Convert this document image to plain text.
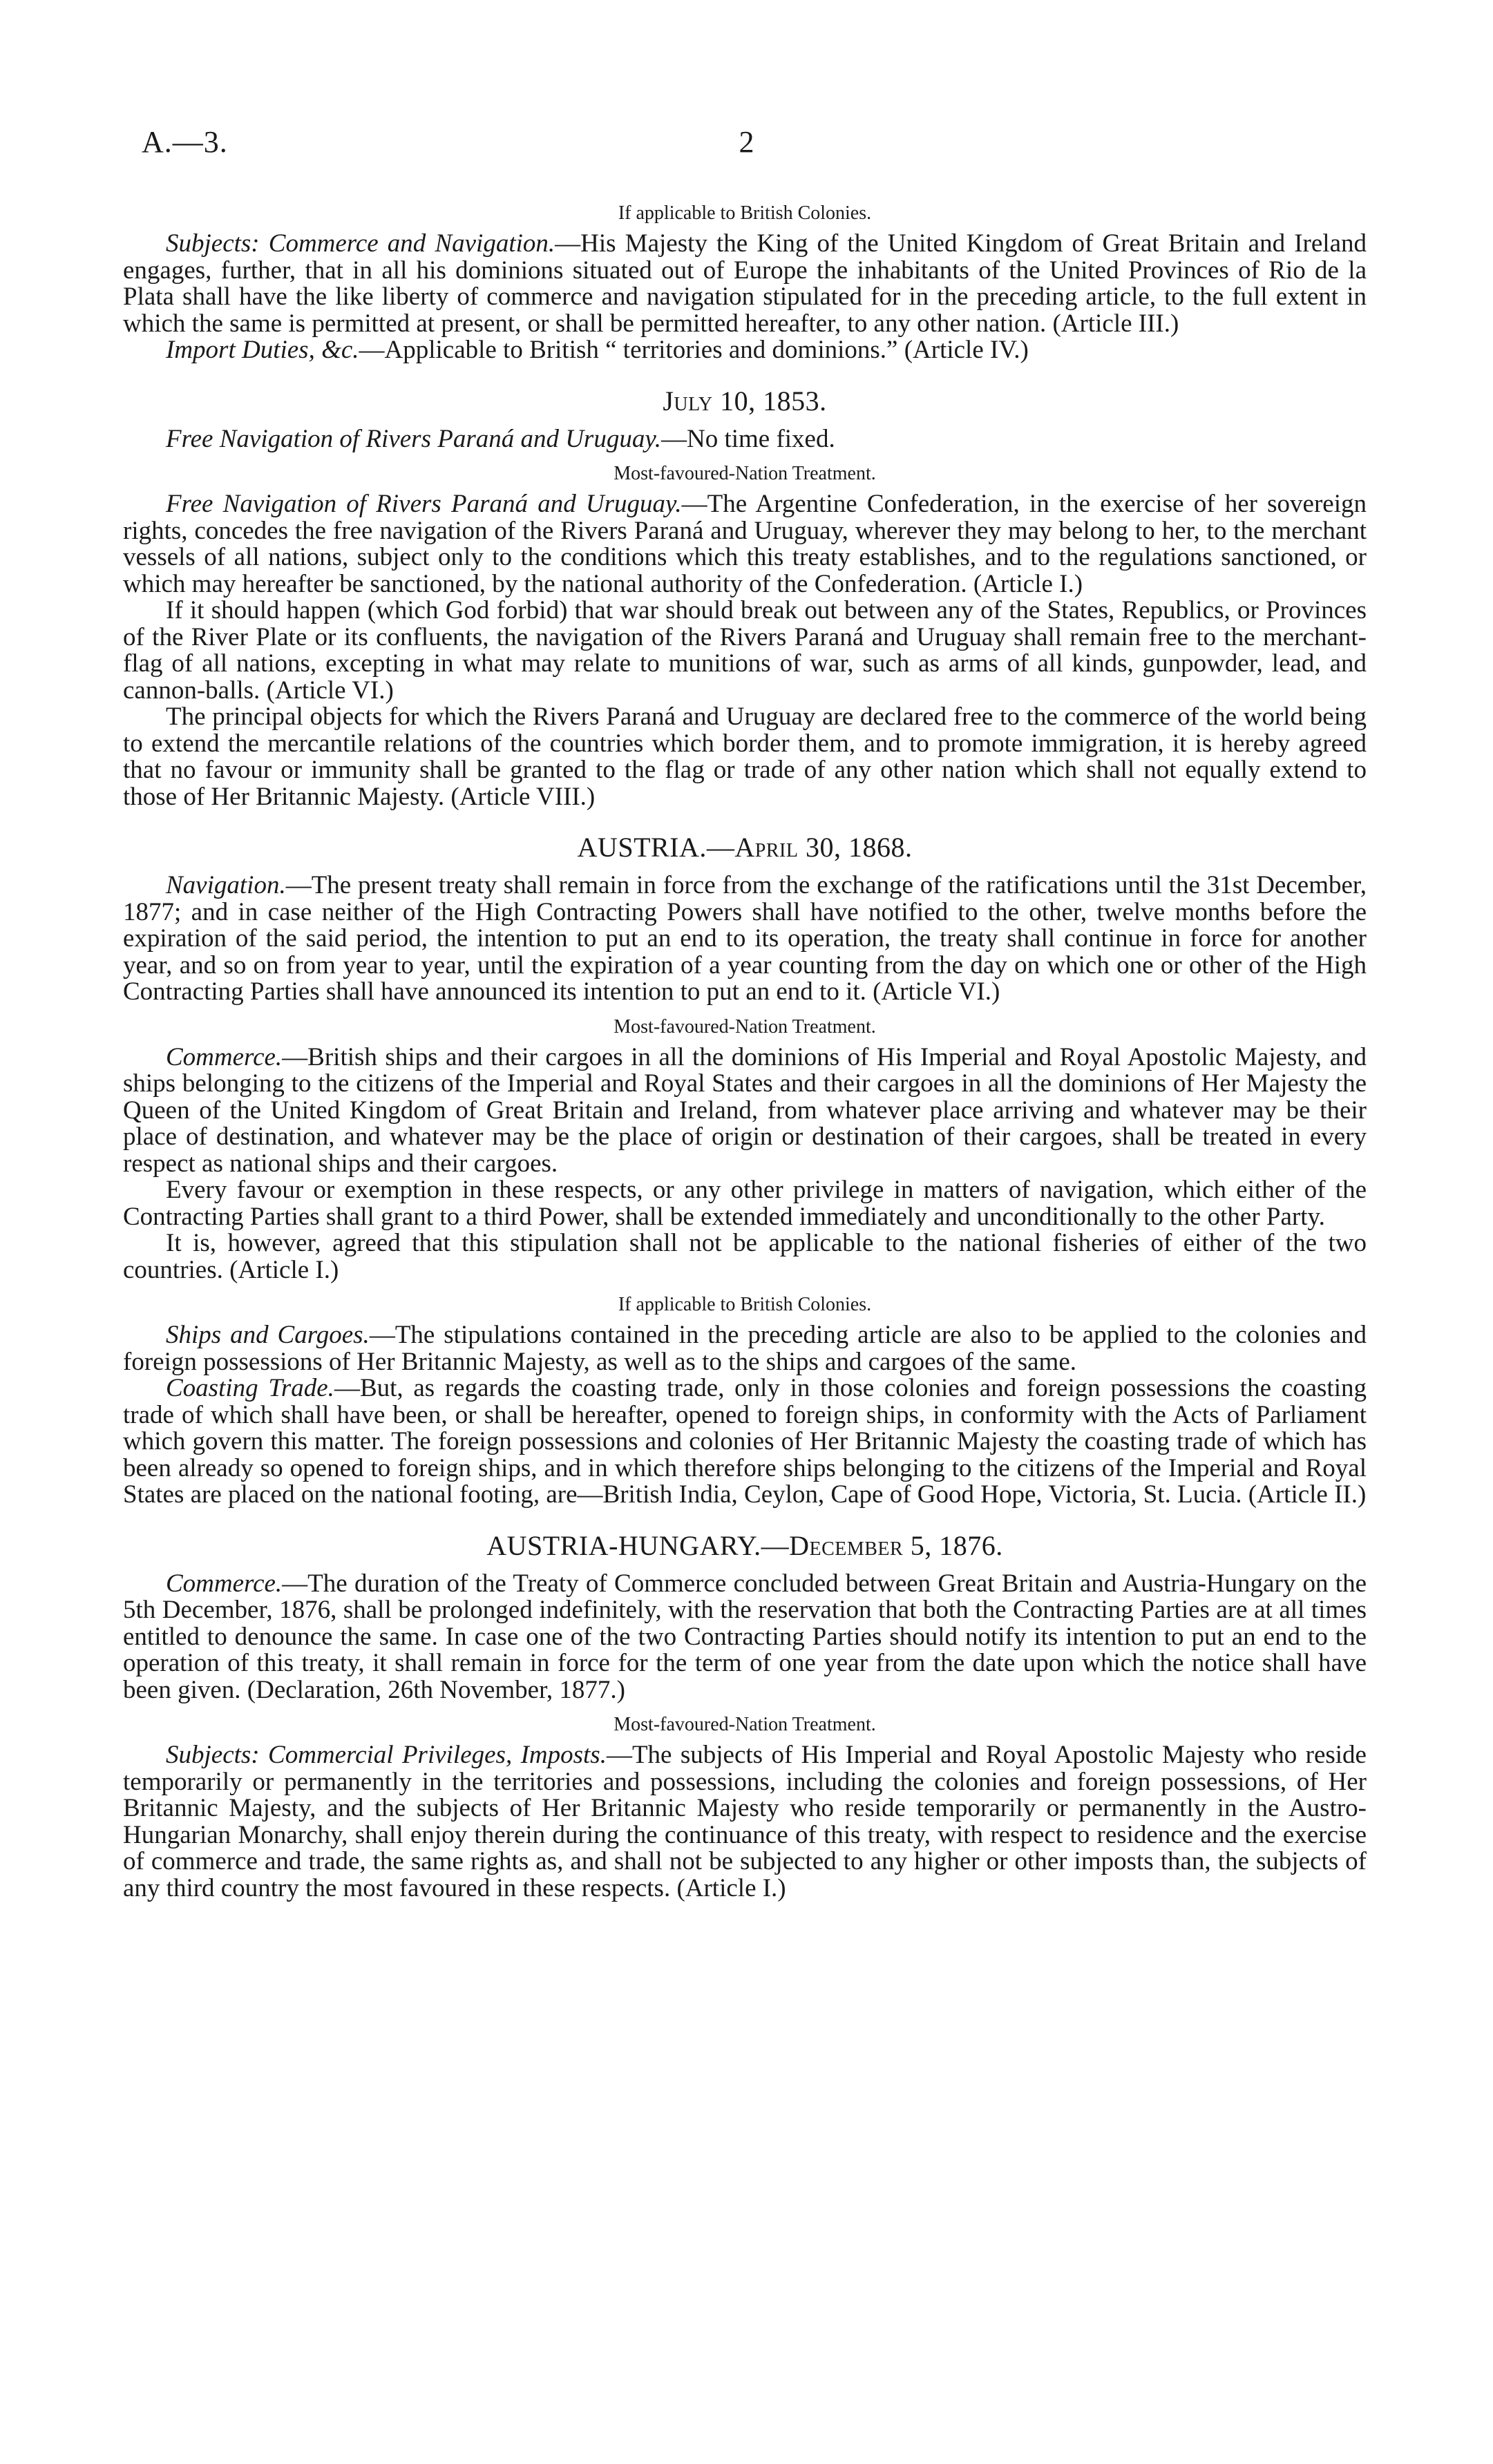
A.—3.	2
If applicable to British Colonies.

Subjects: Commerce and Navigation.—His Majesty the King of the United Kingdom of Great Britain and Ireland engages, further, that in all his dominions situated out of Europe the inhabitants of the United Provinces of Rio de la Plata shall have the like liberty of commerce and navigation stipulated for in the preceding article, to the full extent in which the same is permitted at present, or shall be permitted hereafter, to any other nation. (Article III.)

Import Duties, &c.—Applicable to British “ territories and dominions.” (Article IV.)

July 10, 1853.

Free Navigation of Rivers Paraná and Uruguay.—No time fixed.

Most-favoured-Nation Treatment.

Free Navigation of Rivers Paraná and Uruguay.—The Argentine Confederation, in the exercise of her sovereign rights, concedes the free navigation of the Rivers Paraná and Uruguay, wherever they may belong to her, to the merchant vessels of all nations, subject only to the conditions which this treaty establishes, and to the regulations sanctioned, or which may hereafter be sanctioned, by the national authority of the Confederation. (Article I.)

If it should happen (which God forbid) that war should break out between any of the States, Republics, or Provinces of the River Plate or its confluents, the navigation of the Rivers Paraná and Uruguay shall remain free to the merchant-flag of all nations, excepting in what may relate to munitions of war, such as arms of all kinds, gunpowder, lead, and cannon-balls. (Article VI.)

The principal objects for which the Rivers Paraná and Uruguay are declared free to the commerce of the world being to extend the mercantile relations of the countries which border them, and to promote immigration, it is hereby agreed that no favour or immunity shall be granted to the flag or trade of any other nation which shall not equally extend to those of Her Britannic Majesty. (Article VIII.)

AUSTRIA.—April 30, 1868.

Navigation.—The present treaty shall remain in force from the exchange of the ratifications until the 31st December, 1877; and in case neither of the High Contracting Powers shall have notified to the other, twelve months before the expiration of the said period, the intention to put an end to its operation, the treaty shall continue in force for another year, and so on from year to year, until the expiration of a year counting from the day on which one or other of the High Contracting Parties shall have announced its intention to put an end to it. (Article VI.)

Most-favoured-Nation Treatment.

Commerce.—British ships and their cargoes in all the dominions of His Imperial and Royal Apostolic Majesty, and ships belonging to the citizens of the Imperial and Royal States and their cargoes in all the dominions of Her Majesty the Queen of the United Kingdom of Great Britain and Ireland, from whatever place arriving and whatever may be their place of destination, and whatever may be the place of origin or destination of their cargoes, shall be treated in every respect as national ships and their cargoes.

Every favour or exemption in these respects, or any other privilege in matters of navigation, which either of the Contracting Parties shall grant to a third Power, shall be extended immediately and unconditionally to the other Party.

It is, however, agreed that this stipulation shall not be applicable to the national fisheries of either of the two countries. (Article I.)

If applicable to British Colonies.

Ships and Cargoes.—The stipulations contained in the preceding article are also to be applied to the colonies and foreign possessions of Her Britannic Majesty, as well as to the ships and cargoes of the same.

Coasting Trade.—But, as regards the coasting trade, only in those colonies and foreign possessions the coasting trade of which shall have been, or shall be hereafter, opened to foreign ships, in conformity with the Acts of Parliament which govern this matter. The foreign possessions and colonies of Her Britannic Majesty the coasting trade of which has been already so opened to foreign ships, and in which therefore ships belonging to the citizens of the Imperial and Royal States are placed on the national footing, are—British India, Ceylon, Cape of Good Hope, Victoria, St. Lucia. (Article II.)

AUSTRIA-HUNGARY.—December 5, 1876.

Commerce.—The duration of the Treaty of Commerce concluded between Great Britain and Austria-Hungary on the 5th December, 1876, shall be prolonged indefinitely, with the reservation that both the Contracting Parties are at all times entitled to denounce the same. In case one of the two Contracting Parties should notify its intention to put an end to the operation of this treaty, it shall remain in force for the term of one year from the date upon which the notice shall have been given. (Declaration, 26th November, 1877.)

Most-favoured-Nation Treatment.

Subjects: Commercial Privileges, Imposts.—The subjects of His Imperial and Royal Apostolic Majesty who reside temporarily or permanently in the territories and possessions, including the colonies and foreign possessions, of Her Britannic Majesty, and the subjects of Her Britannic Majesty who reside temporarily or permanently in the Austro-Hungarian Monarchy, shall enjoy therein during the continuance of this treaty, with respect to residence and the exercise of commerce and trade, the same rights as, and shall not be subjected to any higher or other imposts than, the subjects of any third country the most favoured in these respects. (Article I.)
